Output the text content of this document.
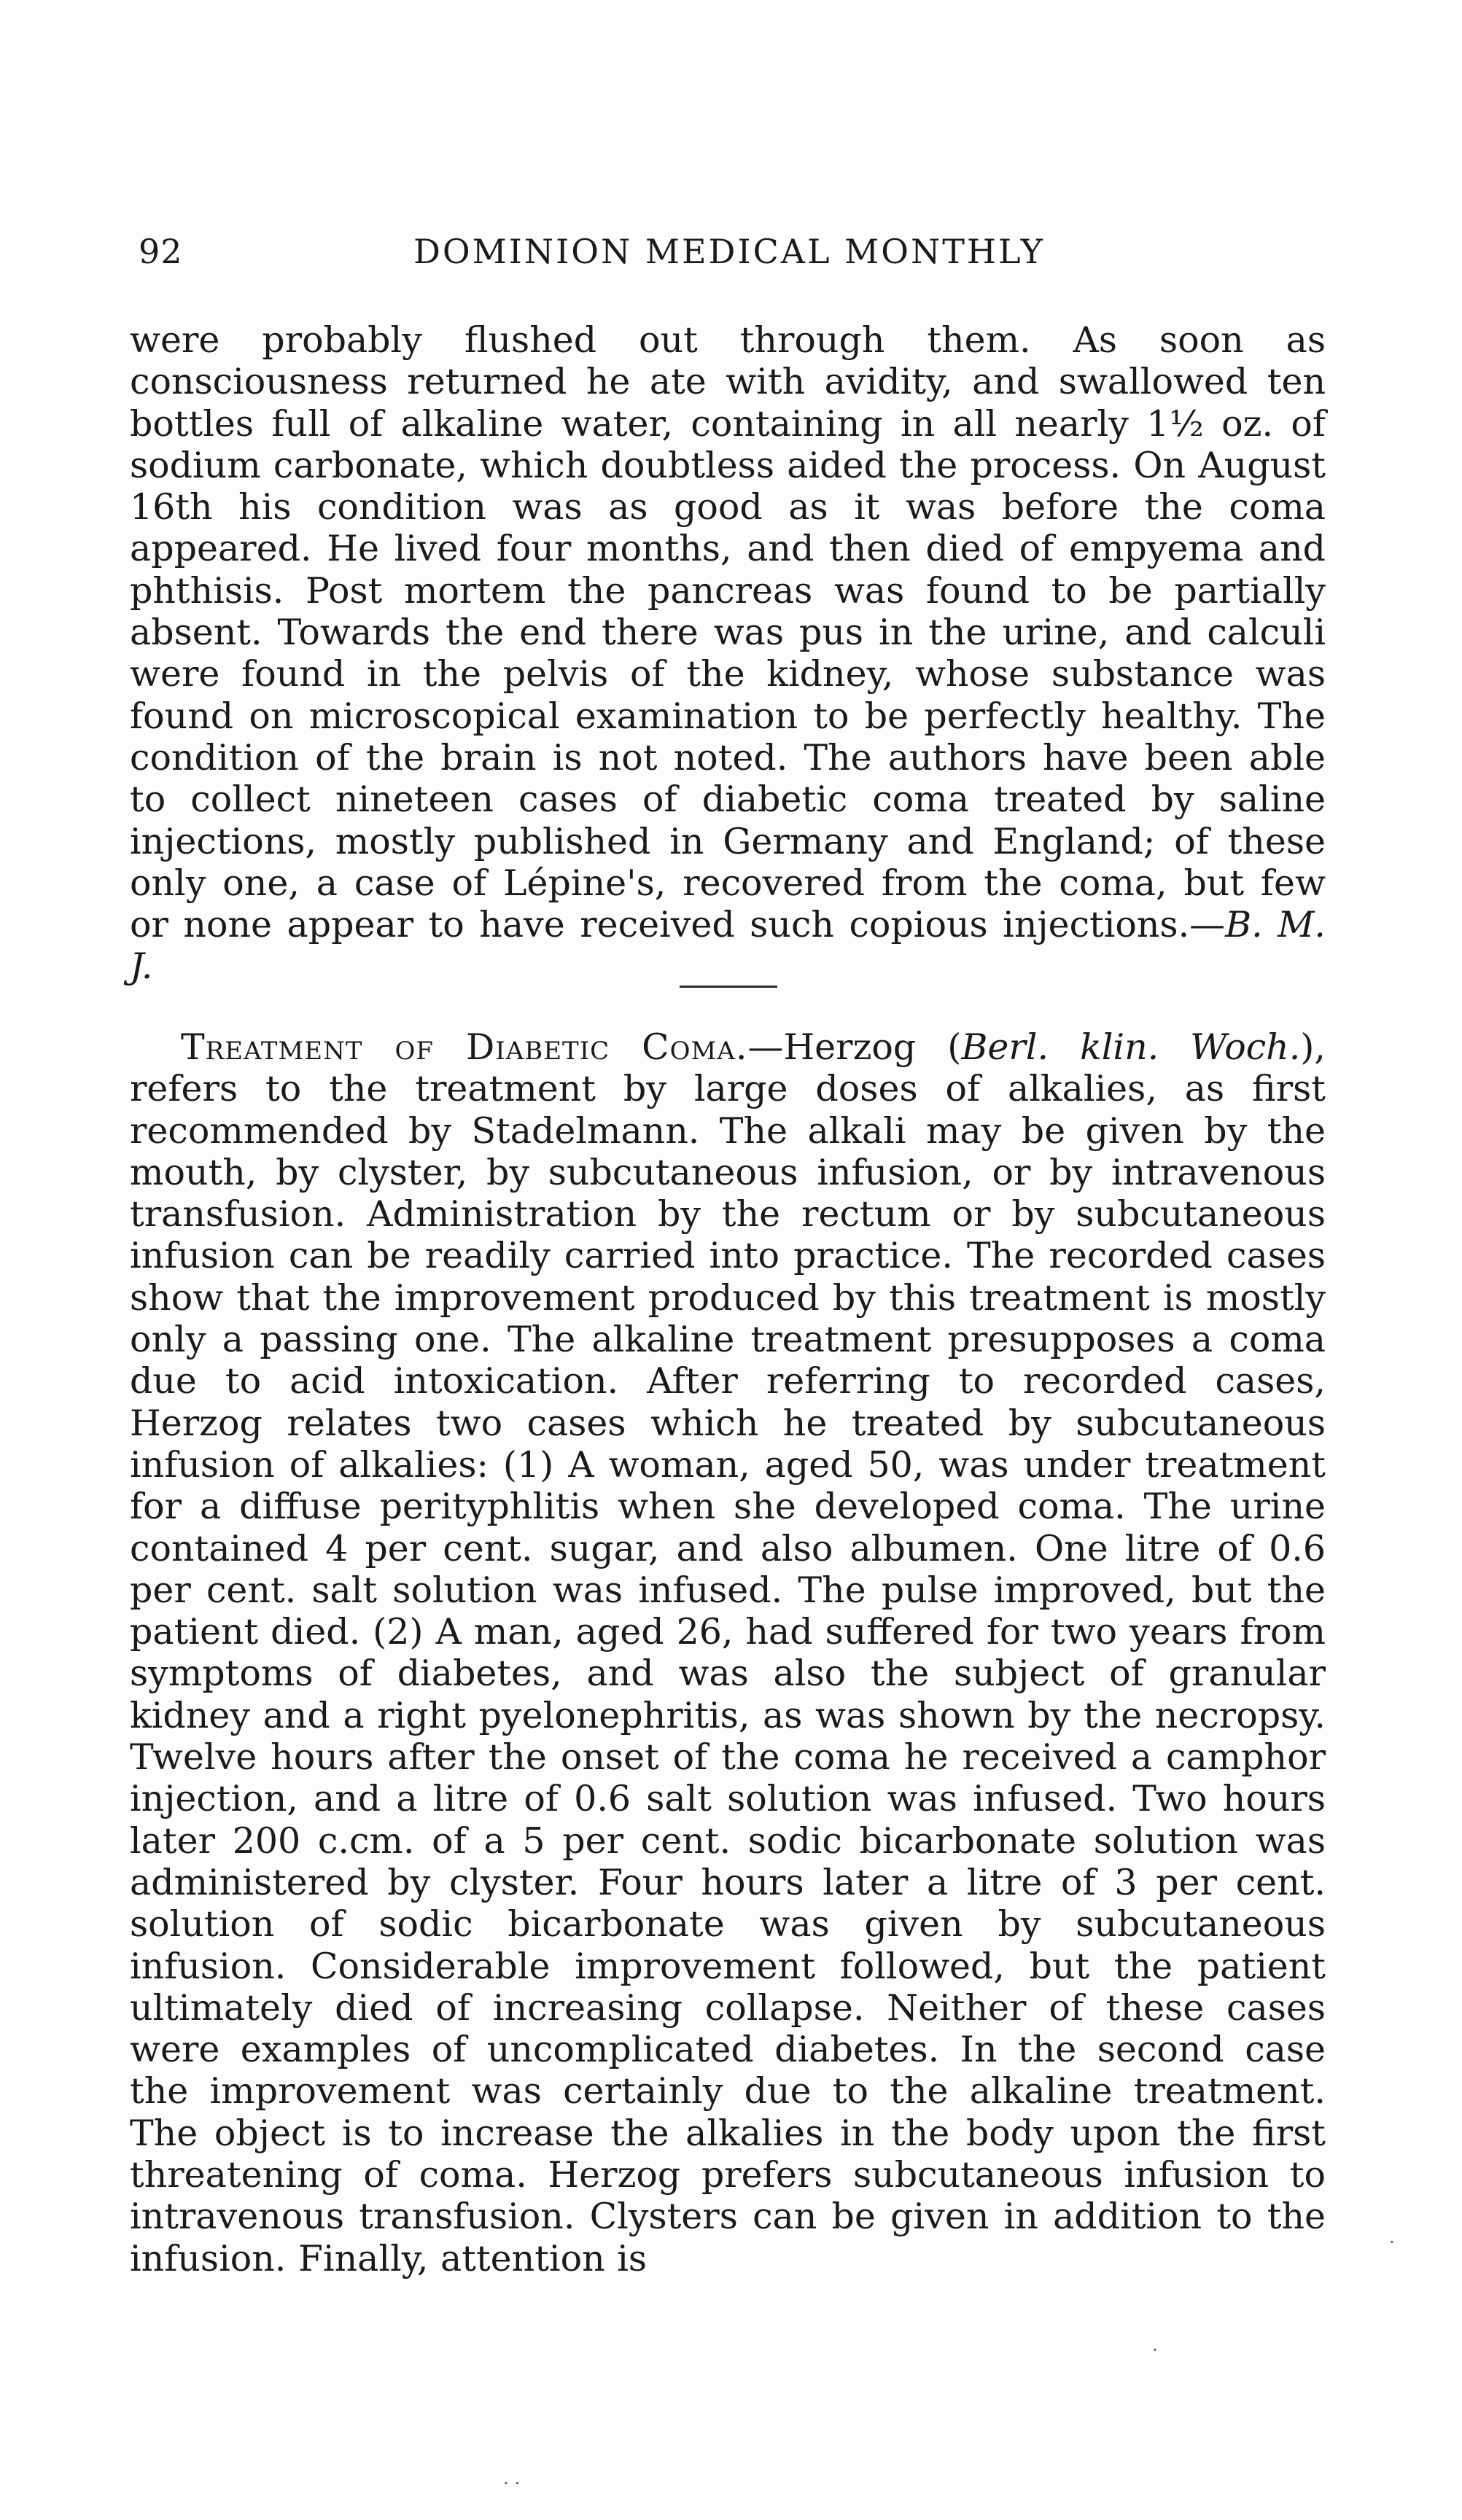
92	DOMINION MEDICAL MONTHLY
were probably flushed out through them. As soon as consciousness returned he ate with avidity, and swallowed ten bottles full of alkaline water, containing in all nearly 1½ oz. of sodium carbonate, which doubtless aided the process. On August 16th his condition was as good as it was before the coma appeared. He lived four months, and then died of empyema and phthisis. Post mortem the pancreas was found to be partially absent. Towards the end there was pus in the urine, and calculi were found in the pelvis of the kidney, whose substance was found on microscopical examination to be perfectly healthy. The condition of the brain is not noted. The authors have been able to collect nineteen cases of diabetic coma treated by saline injections, mostly published in Germany and England; of these only one, a case of Lépine's, recovered from the coma, but few or none appear to have received such copious injections.—B. M. J.
Treatment of Diabetic Coma.—Herzog (Berl. klin. Woch.), refers to the treatment by large doses of alkalies, as first recommended by Stadelmann. The alkali may be given by the mouth, by clyster, by subcutaneous infusion, or by intravenous transfusion. Administration by the rectum or by subcutaneous infusion can be readily carried into practice. The recorded cases show that the improvement produced by this treatment is mostly only a passing one. The alkaline treatment presupposes a coma due to acid intoxication. After referring to recorded cases, Herzog relates two cases which he treated by subcutaneous infusion of alkalies: (1) A woman, aged 50, was under treatment for a diffuse perityphlitis when she developed coma. The urine contained 4 per cent. sugar, and also albumen. One litre of 0.6 per cent. salt solution was infused. The pulse improved, but the patient died. (2) A man, aged 26, had suffered for two years from symptoms of diabetes, and was also the subject of granular kidney and a right pyelonephritis, as was shown by the necropsy. Twelve hours after the onset of the coma he received a camphor injection, and a litre of 0.6 salt solution was infused. Two hours later 200 c.cm. of a 5 per cent. sodic bicarbonate solution was administered by clyster. Four hours later a litre of 3 per cent. solution of sodic bicarbonate was given by subcutaneous infusion. Considerable improvement followed, but the patient ultimately died of increasing collapse. Neither of these cases were examples of uncomplicated diabetes. In the second case the improvement was certainly due to the alkaline treatment. The object is to increase the alkalies in the body upon the first threatening of coma. Herzog prefers subcutaneous infusion to intravenous transfusion. Clysters can be given in addition to the infusion. Finally, attention is	·
·
··
